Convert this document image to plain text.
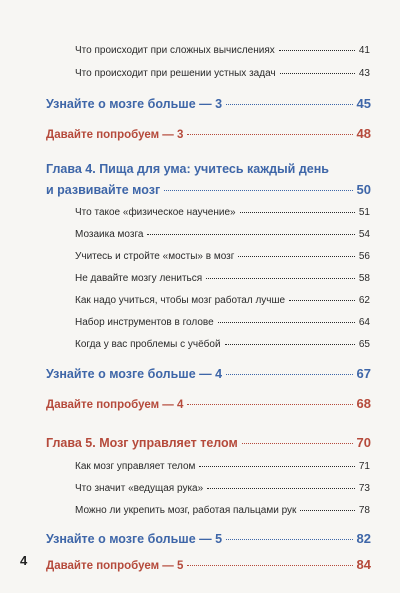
Что происходит при сложных вычислениях	41
Что происходит при решении устных задач	43
Узнайте о мозге больше — 3	45
Давайте попробуем — 3	48
Глава 4. Пища для ума: учитесь каждый день
и развивайте мозг	50
Что такое «физическое научение»	51
Мозаика мозга	54
Учитесь и стройте «мосты» в мозг	56
Не давайте мозгу лениться	58
Как надо учиться, чтобы мозг работал лучше	62
Набор инструментов в голове	64
Когда у вас проблемы с учёбой	65
Узнайте о мозге больше — 4	67
Давайте попробуем — 4	68
Глава 5. Мозг управляет телом	70
Как мозг управляет телом	71
Что значит «ведущая рука»	73
Можно ли укрепить мозг, работая пальцами рук	78
Узнайте о мозге больше — 5	82
Давайте попробуем — 5	84
4
